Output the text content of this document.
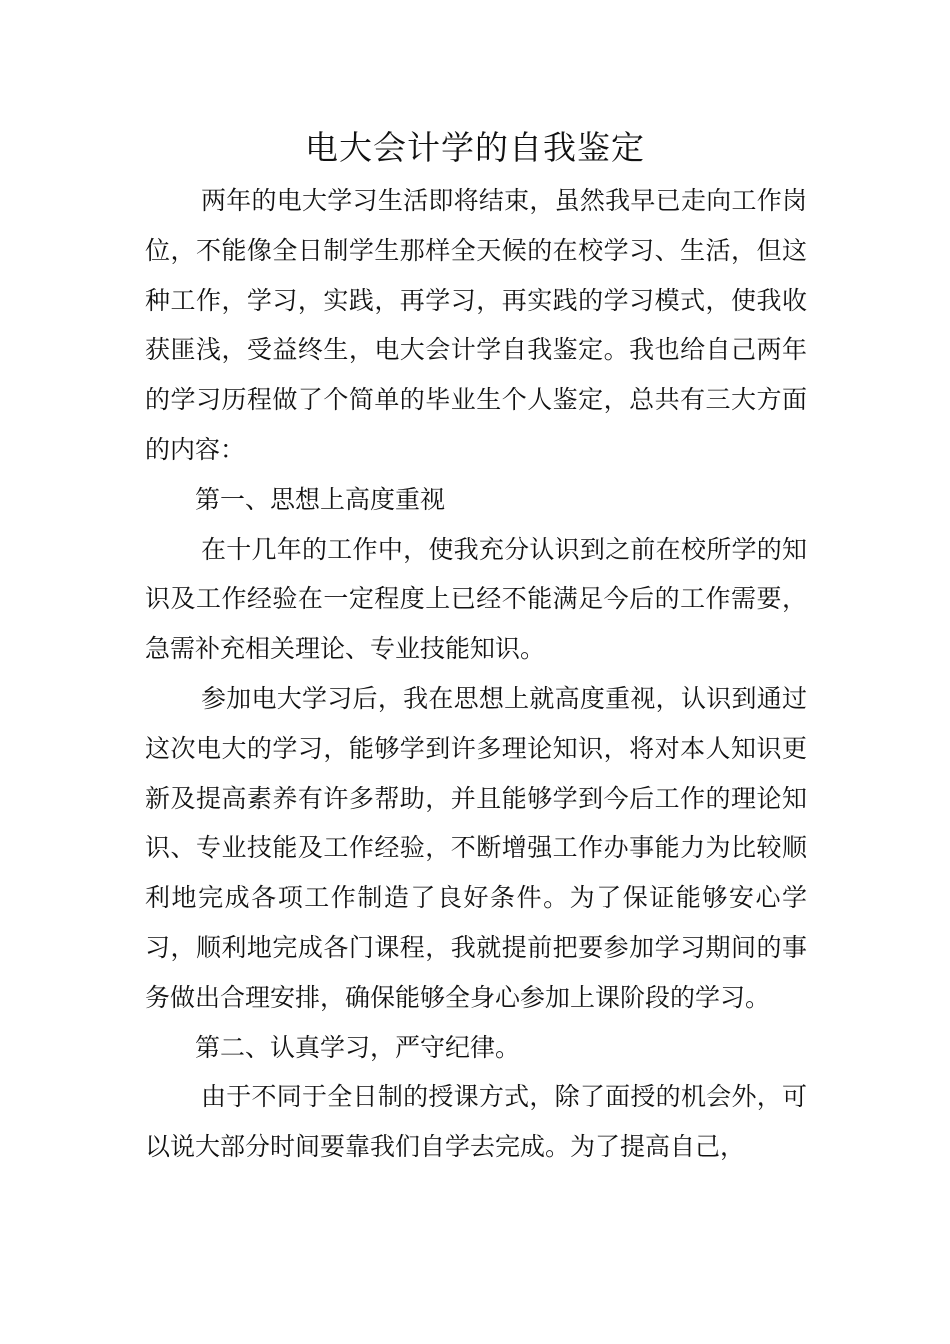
电大会计学的自我鉴定

两年的电大学习生活即将结束，虽然我早已走向工作岗位，不能像全日制学生那样全天候的在校学习、生活，但这种工作，学习，实践，再学习，再实践的学习模式，使我收获匪浅，受益终生，电大会计学自我鉴定。我也给自己两年的学习历程做了个简单的毕业生个人鉴定，总共有三大方面的内容：

第一、思想上高度重视

在十几年的工作中，使我充分认识到之前在校所学的知识及工作经验在一定程度上已经不能满足今后的工作需要，急需补充相关理论、专业技能知识。

参加电大学习后，我在思想上就高度重视，认识到通过这次电大的学习，能够学到许多理论知识，将对本人知识更新及提高素养有许多帮助，并且能够学到今后工作的理论知识、专业技能及工作经验，不断增强工作办事能力为比较顺利地完成各项工作制造了良好条件。为了保证能够安心学习，顺利地完成各门课程，我就提前把要参加学习期间的事务做出合理安排，确保能够全身心参加上课阶段的学习。

第二、认真学习，严守纪律。

由于不同于全日制的授课方式，除了面授的机会外，可以说大部分时间要靠我们自学去完成。为了提高自己，
